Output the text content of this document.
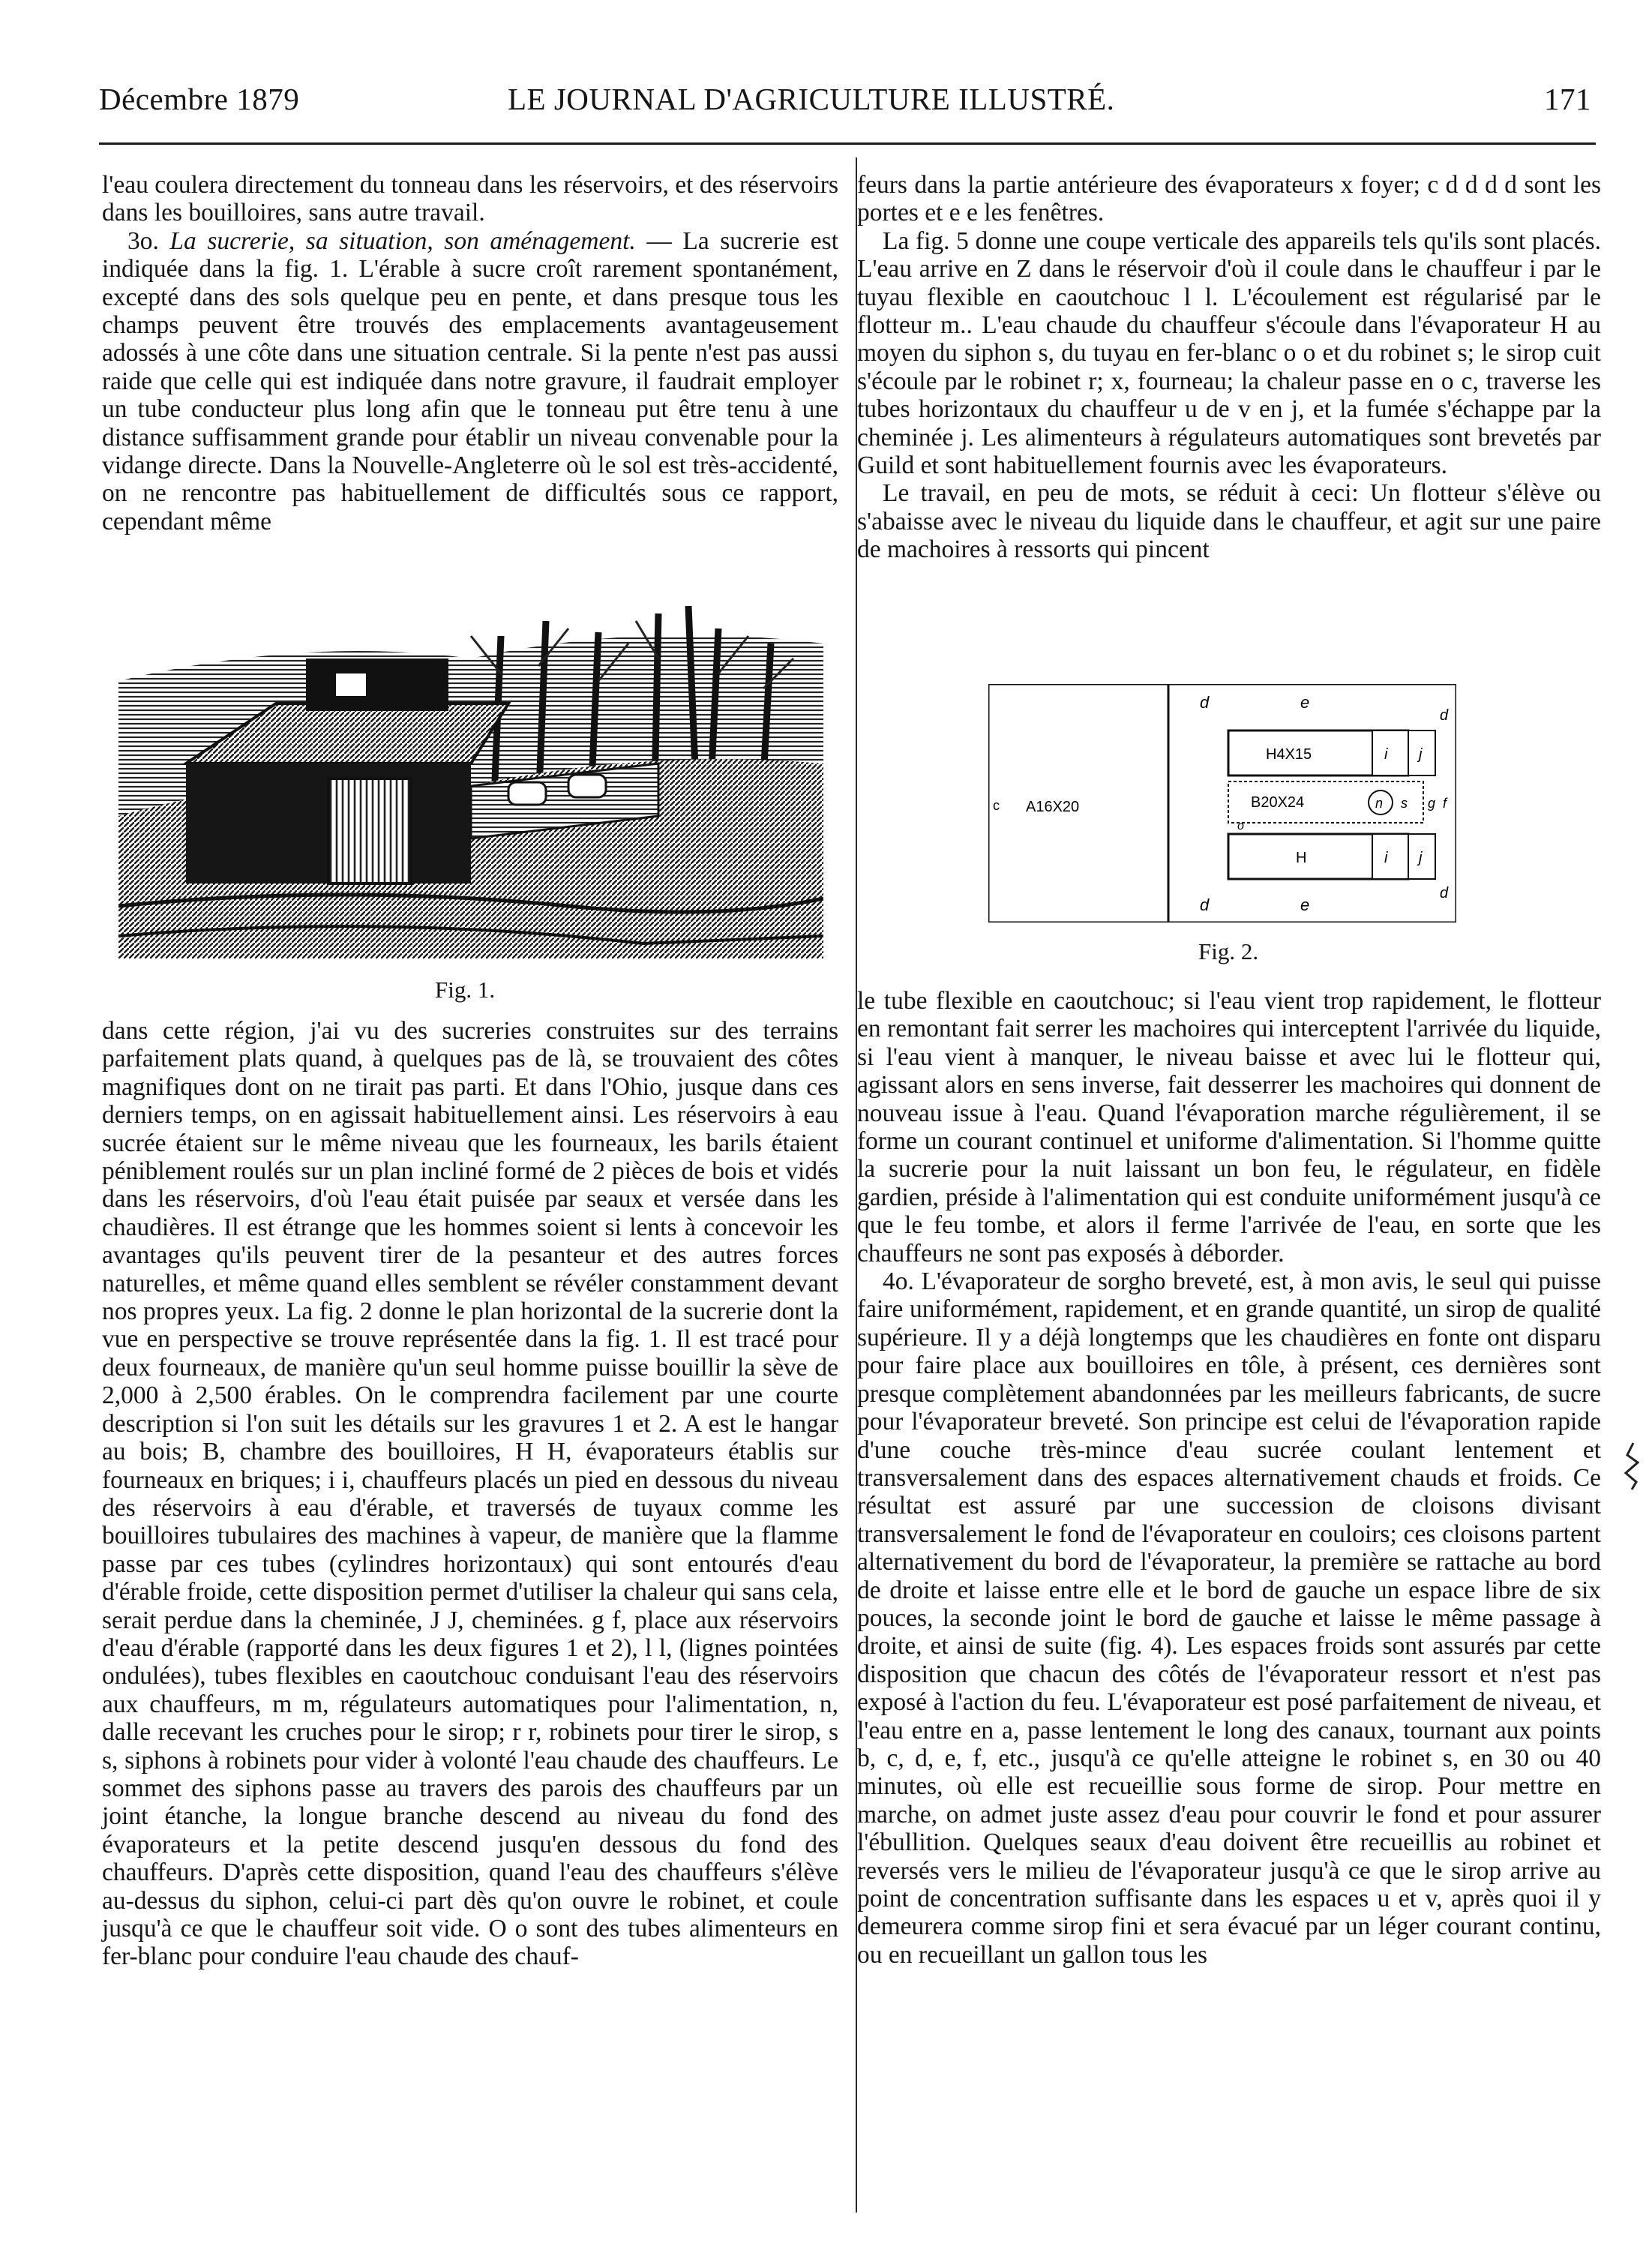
Décembre 1879	LE JOURNAL D'AGRICULTURE ILLUSTRÉ.	171

l'eau coulera directement du tonneau dans les réservoirs, et des réservoirs dans les bouilloires, sans autre travail.

3o. La sucrerie, sa situation, son aménagement. — La sucrerie est indiquée dans la fig. 1. L'érable à sucre croît rarement spontanément, excepté dans des sols quelque peu en pente, et dans presque tous les champs peuvent être trouvés des emplacements avantageusement adossés à une côte dans une situation centrale. Si la pente n'est pas aussi raide que celle qui est indiquée dans notre gravure, il faudrait employer un tube conducteur plus long afin que le tonneau put être tenu à une distance suffisamment grande pour établir un niveau convenable pour la vidange directe. Dans la Nouvelle-Angleterre où le sol est très-accidenté, on ne rencontre pas habituellement de difficultés sous ce rapport, cependant même

Fig. 1.

dans cette région, j'ai vu des sucreries construites sur des terrains parfaitement plats quand, à quelques pas de là, se trouvaient des côtes magnifiques dont on ne tirait pas parti. Et dans l'Ohio, jusque dans ces derniers temps, on en agissait habituellement ainsi. Les réservoirs à eau sucrée étaient sur le même niveau que les fourneaux, les barils étaient péniblement roulés sur un plan incliné formé de 2 pièces de bois et vidés dans les réservoirs, d'où l'eau était puisée par seaux et versée dans les chaudières. Il est étrange que les hommes soient si lents à concevoir les avantages qu'ils peuvent tirer de la pesanteur et des autres forces naturelles, et même quand elles semblent se révéler constamment devant nos propres yeux. La fig. 2 donne le plan horizontal de la sucrerie dont la vue en perspective se trouve représentée dans la fig. 1. Il est tracé pour deux fourneaux, de manière qu'un seul homme puisse bouillir la sève de 2,000 à 2,500 érables. On le comprendra facilement par une courte description si l'on suit les détails sur les gravures 1 et 2. A est le hangar au bois; B, chambre des bouilloires, H H, évaporateurs établis sur fourneaux en briques; i i, chauffeurs placés un pied en dessous du niveau des réservoirs à eau d'érable, et traversés de tuyaux comme les bouilloires tubulaires des machines à vapeur, de manière que la flamme passe par ces tubes (cylindres horizontaux) qui sont entourés d'eau d'érable froide, cette disposition permet d'utiliser la chaleur qui sans cela, serait perdue dans la cheminée, J J, cheminées. g f, place aux réservoirs d'eau d'érable (rapporté dans les deux figures 1 et 2), l l, (lignes pointées ondulées), tubes flexibles en caoutchouc conduisant l'eau des réservoirs aux chauffeurs, m m, régulateurs automatiques pour l'alimentation, n, dalle recevant les cruches pour le sirop; r r, robinets pour tirer le sirop, s s, siphons à robinets pour vider à volonté l'eau chaude des chauffeurs. Le sommet des siphons passe au travers des parois des chauffeurs par un joint étanche, la longue branche descend au niveau du fond des évaporateurs et la petite descend jusqu'en dessous du fond des chauffeurs. D'après cette disposition, quand l'eau des chauffeurs s'élève au-dessus du siphon, celui-ci part dès qu'on ouvre le robinet, et coule jusqu'à ce que le chauffeur soit vide. O o sont des tubes alimenteurs en fer-blanc pour conduire l'eau chaude des chauf-

feurs dans la partie antérieure des évaporateurs x foyer; c d d d d sont les portes et e e les fenêtres.

La fig. 5 donne une coupe verticale des appareils tels qu'ils sont placés. L'eau arrive en Z dans le réservoir d'où il coule dans le chauffeur i par le tuyau flexible en caoutchouc l l. L'écoulement est régularisé par le flotteur m.. L'eau chaude du chauffeur s'écoule dans l'évaporateur H au moyen du siphon s, du tuyau en fer-blanc o o et du robinet s; le sirop cuit s'écoule par le robinet r; x, fourneau; la chaleur passe en o c, traverse les tubes horizontaux du chauffeur u de v en j, et la fumée s'échappe par la cheminée j. Les alimenteurs à régulateurs automatiques sont brevetés par Guild et sont habituellement fournis avec les évaporateurs.

Le travail, en peu de mots, se réduit à ceci: Un flotteur s'élève ou s'abaisse avec le niveau du liquide dans le chauffeur, et agit sur une paire de machoires à ressorts qui pincent

A16X20
c
d	e
d	e
H4X15	i j
B20X24	n s g f
o
H	i j
d
d
Fig. 2.

le tube flexible en caoutchouc; si l'eau vient trop rapidement, le flotteur en remontant fait serrer les machoires qui interceptent l'arrivée du liquide, si l'eau vient à manquer, le niveau baisse et avec lui le flotteur qui, agissant alors en sens inverse, fait desserrer les machoires qui donnent de nouveau issue à l'eau. Quand l'évaporation marche régulièrement, il se forme un courant continuel et uniforme d'alimentation. Si l'homme quitte la sucrerie pour la nuit laissant un bon feu, le régulateur, en fidèle gardien, préside à l'alimentation qui est conduite uniformément jusqu'à ce que le feu tombe, et alors il ferme l'arrivée de l'eau, en sorte que les chauffeurs ne sont pas exposés à déborder.

4o. L'évaporateur de sorgho breveté, est, à mon avis, le seul qui puisse faire uniformément, rapidement, et en grande quantité, un sirop de qualité supérieure. Il y a déjà longtemps que les chaudières en fonte ont disparu pour faire place aux bouilloires en tôle, à présent, ces dernières sont presque complètement abandonnées par les meilleurs fabricants, de sucre pour l'évaporateur breveté. Son principe est celui de l'évaporation rapide d'une couche très-mince d'eau sucrée coulant lentement et transversalement dans des espaces alternativement chauds et froids. Ce résultat est assuré par une succession de cloisons divisant transversalement le fond de l'évaporateur en couloirs; ces cloisons partent alternativement du bord de l'évaporateur, la première se rattache au bord de droite et laisse entre elle et le bord de gauche un espace libre de six pouces, la seconde joint le bord de gauche et laisse le même passage à droite, et ainsi de suite (fig. 4). Les espaces froids sont assurés par cette disposition que chacun des côtés de l'évaporateur ressort et n'est pas exposé à l'action du feu. L'évaporateur est posé parfaitement de niveau, et l'eau entre en a, passe lentement le long des canaux, tournant aux points b, c, d, e, f, etc., jusqu'à ce qu'elle atteigne le robinet s, en 30 ou 40 minutes, où elle est recueillie sous forme de sirop. Pour mettre en marche, on admet juste assez d'eau pour couvrir le fond et pour assurer l'ébullition. Quelques seaux d'eau doivent être recueillis au robinet et reversés vers le milieu de l'évaporateur jusqu'à ce que le sirop arrive au point de concentration suffisante dans les espaces u et v, après quoi il y demeurera comme sirop fini et sera évacué par un léger courant continu, ou en recueillant un gallon tous les
